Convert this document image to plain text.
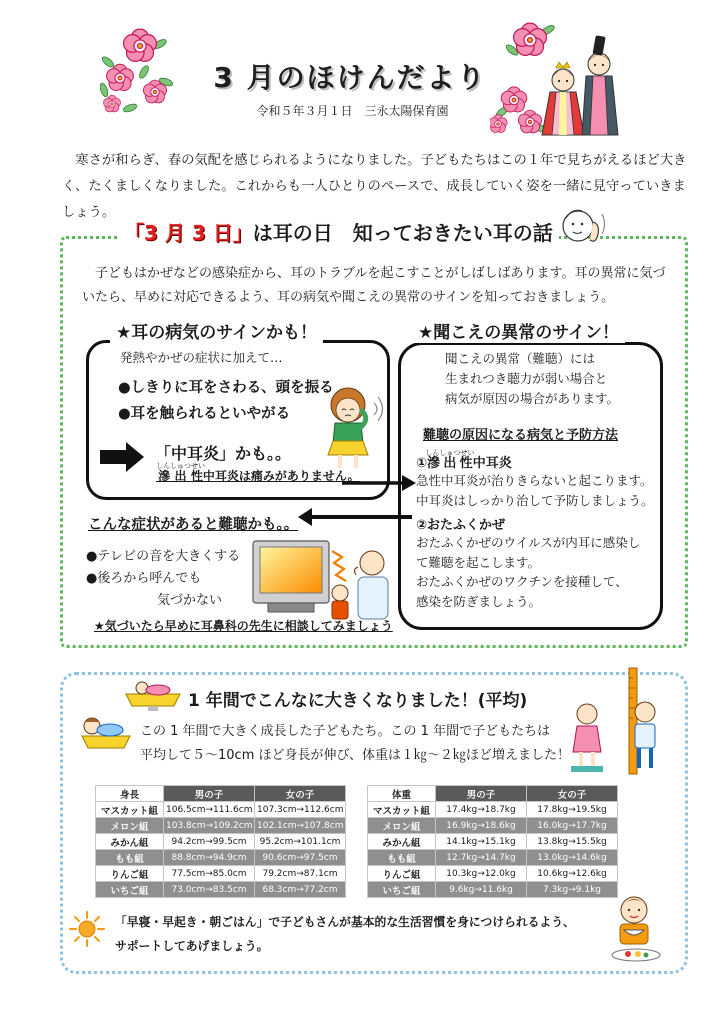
3 月のほけんだより
令和５年３月１日　三永太陽保育園
寒さが和らぎ、春の気配を感じられるようになりました。子どもたちはこの１年で見ちがえるほど大きく、たくましくなりました。これからも一人ひとりのペースで、成長していく姿を一緒に見守っていきましょう。
「3 月 3 日」は耳の日　知っておきたい耳の話
子どもはかぜなどの感染症から、耳のトラブルを起こすことがしばしばあります。耳の異常に気づいたら、早めに対応できるよう、耳の病気や聞こえの異常のサインを知っておきましょう。
★耳の病気のサインかも！
発熱やかぜの症状に加えて…
●しきりに耳をさわる、頭を振る
●耳を触られるといやがる
「中耳炎」かも。。
滲出性しんしゅつせい中耳炎は痛みがありません。
★聞こえの異常のサイン！
聞こえの異常（難聴）には
生まれつき聴力が弱い場合と
病気が原因の場合があります。
難聴の原因になる病気と予防方法
①滲出性しんしゅつせい中耳炎
急性中耳炎が治りきらないと起こります。
中耳炎はしっかり治して予防しましょう。
②おたふくかぜ
おたふくかぜのウイルスが内耳に感染し
て難聴を起こします。
おたふくかぜのワクチンを接種して、
感染を防ぎましょう。
こんな症状があると難聴かも。。
●テレビの音を大きくする
●後ろから呼んでも
気づかない
★気づいたら早めに耳鼻科の先生に相談してみましょう
1 年間でこんなに大きくなりました！(平均)
この 1 年間で大きく成長した子どもたち。この 1 年間で子どもたちは
平均して５〜10cm ほど身長が伸び、体重は１㎏〜２㎏ほど増えました！
身長	男の子	女の子
マスカット組	106.5cm→111.6cm	107.3cm→112.6cm
メロン組	103.8cm→109.2cm	102.1cm→107.8cm
みかん組	94.2cm→99.5cm	95.2cm→101.1cm
もも組	88.8cm→94.9cm	90.6cm→97.5cm
りんご組	77.5cm→85.0cm	79.2cm→87.1cm
いちご組	73.0cm→83.5cm	68.3cm→77.2cm
体重	男の子	女の子
マスカット組	17.4kg→18.7kg	17.8kg→19.5kg
メロン組	16.9kg→18.6kg	16.0kg→17.7kg
みかん組	14.1kg→15.1kg	13.8kg→15.5kg
もも組	12.7kg→14.7kg	13.0kg→14.6kg
りんご組	10.3kg→12.0kg	10.6kg→12.6kg
いちご組	9.6kg→11.6kg	7.3kg→9.1kg
「早寝・早起き・朝ごはん」で子どもさんが基本的な生活習慣を身につけられるよう、
サポートしてあげましょう。
